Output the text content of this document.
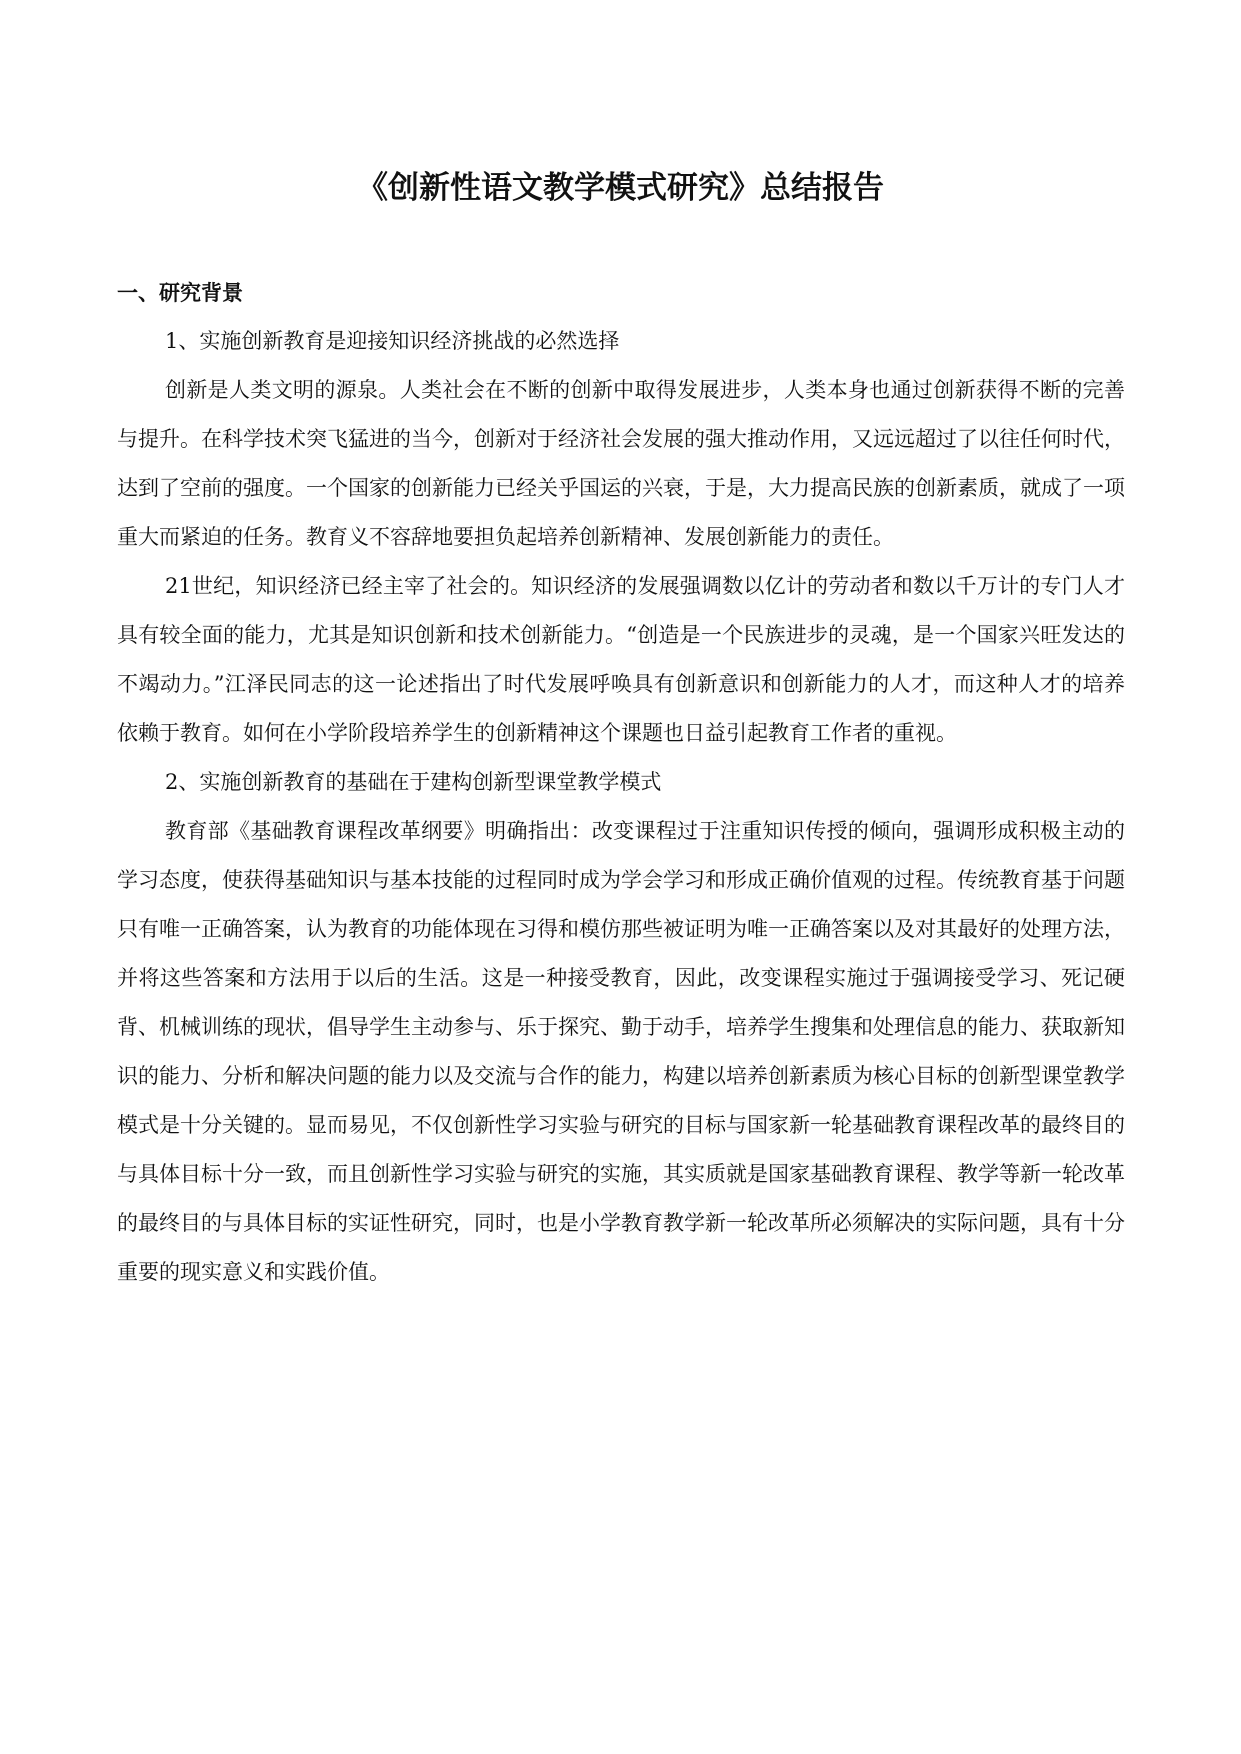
《创新性语文教学模式研究》总结报告

一、研究背景

1、实施创新教育是迎接知识经济挑战的必然选择

创新是人类文明的源泉。人类社会在不断的创新中取得发展进步，人类本身也通过创新获得不断的完善与提升。在科学技术突飞猛进的当今，创新对于经济社会发展的强大推动作用，又远远超过了以往任何时代，达到了空前的强度。一个国家的创新能力已经关乎国运的兴衰，于是，大力提高民族的创新素质，就成了一项重大而紧迫的任务。教育义不容辞地要担负起培养创新精神、发展创新能力的责任。

21世纪，知识经济已经主宰了社会的。知识经济的发展强调数以亿计的劳动者和数以千万计的专门人才具有较全面的能力，尤其是知识创新和技术创新能力。“创造是一个民族进步的灵魂，是一个国家兴旺发达的不竭动力。”江泽民同志的这一论述指出了时代发展呼唤具有创新意识和创新能力的人才，而这种人才的培养依赖于教育。如何在小学阶段培养学生的创新精神这个课题也日益引起教育工作者的重视。

2、实施创新教育的基础在于建构创新型课堂教学模式

教育部《基础教育课程改革纲要》明确指出：改变课程过于注重知识传授的倾向，强调形成积极主动的学习态度，使获得基础知识与基本技能的过程同时成为学会学习和形成正确价值观的过程。传统教育基于问题只有唯一正确答案，认为教育的功能体现在习得和模仿那些被证明为唯一正确答案以及对其最好的处理方法，并将这些答案和方法用于以后的生活。这是一种接受教育，因此，改变课程实施过于强调接受学习、死记硬背、机械训练的现状，倡导学生主动参与、乐于探究、勤于动手，培养学生搜集和处理信息的能力、获取新知识的能力、分析和解决问题的能力以及交流与合作的能力，构建以培养创新素质为核心目标的创新型课堂教学模式是十分关键的。显而易见，不仅创新性学习实验与研究的目标与国家新一轮基础教育课程改革的最终目的与具体目标十分一致，而且创新性学习实验与研究的实施，其实质就是国家基础教育课程、教学等新一轮改革的最终目的与具体目标的实证性研究，同时，也是小学教育教学新一轮改革所必须解决的实际问题，具有十分重要的现实意义和实践价值。
